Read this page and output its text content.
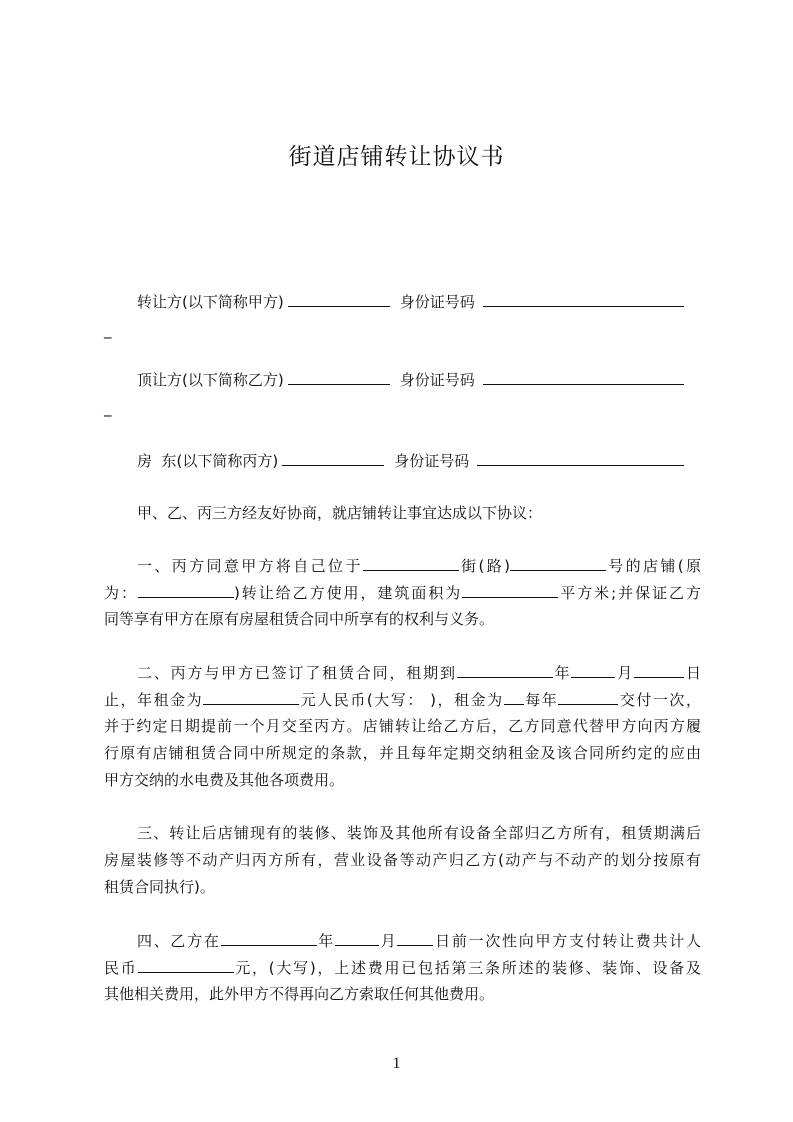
街道店铺转让协议书

转让方(以下简称甲方)	身份证号码

_

顶让方(以下简称乙方)	身份证号码

_

房  东(以下简称丙方)	身份证号码

甲、乙、丙三方经友好协商，就店铺转让事宜达成以下协议：

一、丙方同意甲方将自己位于	街(路)	号的店铺(原

为：	)转让给乙方使用，建筑面积为	平方米;并保证乙方

同等享有甲方在原有房屋租赁合同中所享有的权利与义务。

二、丙方与甲方已签订了租赁合同，租期到	年	月	日

止，年租金为	元人民币(大写： )，租金为 每年	交付一次，

并于约定日期提前一个月交至丙方。店铺转让给乙方后，乙方同意代替甲方向丙方履

行原有店铺租赁合同中所规定的条款，并且每年定期交纳租金及该合同所约定的应由

甲方交纳的水电费及其他各项费用。

三、转让后店铺现有的装修、装饰及其他所有设备全部归乙方所有，租赁期满后

房屋装修等不动产归丙方所有，营业设备等动产归乙方(动产与不动产的划分按原有

租赁合同执行)。

四、乙方在	年	月 日前一次性向甲方支付转让费共计人

民币	元，(大写)，上述费用已包括第三条所述的装修、装饰、设备及

其他相关费用，此外甲方不得再向乙方索取任何其他费用。

1
